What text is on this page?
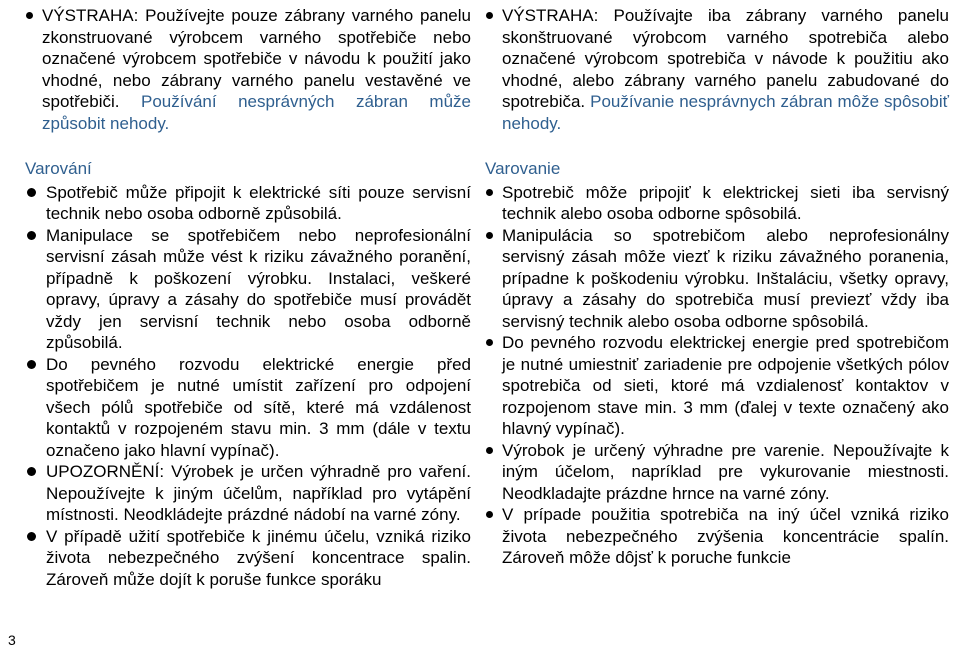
3

VÝSTRAHA: Používejte pouze zábrany varného panelu zkonstruované výrobcem varného spotřebiče nebo označené výrobcem spotřebiče v návodu k použití jako vhodné, nebo zábrany varného panelu vestavěné ve spotřebiči. Používání nesprávných zábran může způsobit nehody.

Varování

Spotřebič může připojit k elektrické síti pouze servisní technik nebo osoba odborně způsobilá.

Manipulace se spotřebičem nebo neprofesionální servisní zásah může vést k riziku závažného poranění, případně k poškození výrobku. Instalaci, veškeré opravy, úpravy a zásahy do spotřebiče musí provádět vždy jen servisní technik nebo osoba odborně způsobilá.

Do pevného rozvodu elektrické energie před spotřebičem je nutné umístit zařízení pro odpojení všech pólů spotřebiče od sítě, které má vzdálenost kontaktů v rozpojeném stavu min. 3 mm (dále v textu označeno jako hlavní vypínač).

UPOZORNĚNÍ: Výrobek je určen výhradně pro vaření. Nepoužívejte k jiným účelům, například pro vytápění místnosti. Neodkládejte prázdné nádobí na varné zóny.

V případě užití spotřebiče k jinému účelu, vzniká riziko života nebezpečného zvýšení koncentrace spalin. Zároveň může dojít k poruše funkce sporáku

VÝSTRAHA: Používajte iba zábrany varného panelu skonštruované výrobcom varného spotrebiča alebo označené výrobcom spotrebiča v návode k použitiu ako vhodné, alebo zábrany varného panelu zabudované do spotrebiča. Používanie nesprávnych zábran môže spôsobiť nehody.

Varovanie

Spotrebič môže pripojiť k elektrickej sieti iba servisný technik alebo osoba odborne spôsobilá.

Manipulácia so spotrebičom alebo neprofesionálny servisný zásah môže viezť k riziku závažného poranenia, prípadne k poškodeniu výrobku. Inštaláciu, všetky opravy, úpravy a zásahy do spotrebiča musí previezť vždy iba servisný technik alebo osoba odborne spôsobilá.

Do pevného rozvodu elektrickej energie pred spotrebičom je nutné umiestniť zariadenie pre odpojenie všetkých pólov spotrebiča od sieti, ktoré má vzdialenosť kontaktov v rozpojenom stave min. 3 mm (ďalej v texte označený ako hlavný vypínač).

Výrobok je určený výhradne pre varenie. Nepoužívajte k iným účelom, napríklad pre vykurovanie miestnosti. Neodkladajte prázdne hrnce na varné zóny.

V prípade použitia spotrebiča na iný účel vzniká riziko života nebezpečného zvýšenia koncentrácie spalín. Zároveň môže dôjsť k poruche funkcie
